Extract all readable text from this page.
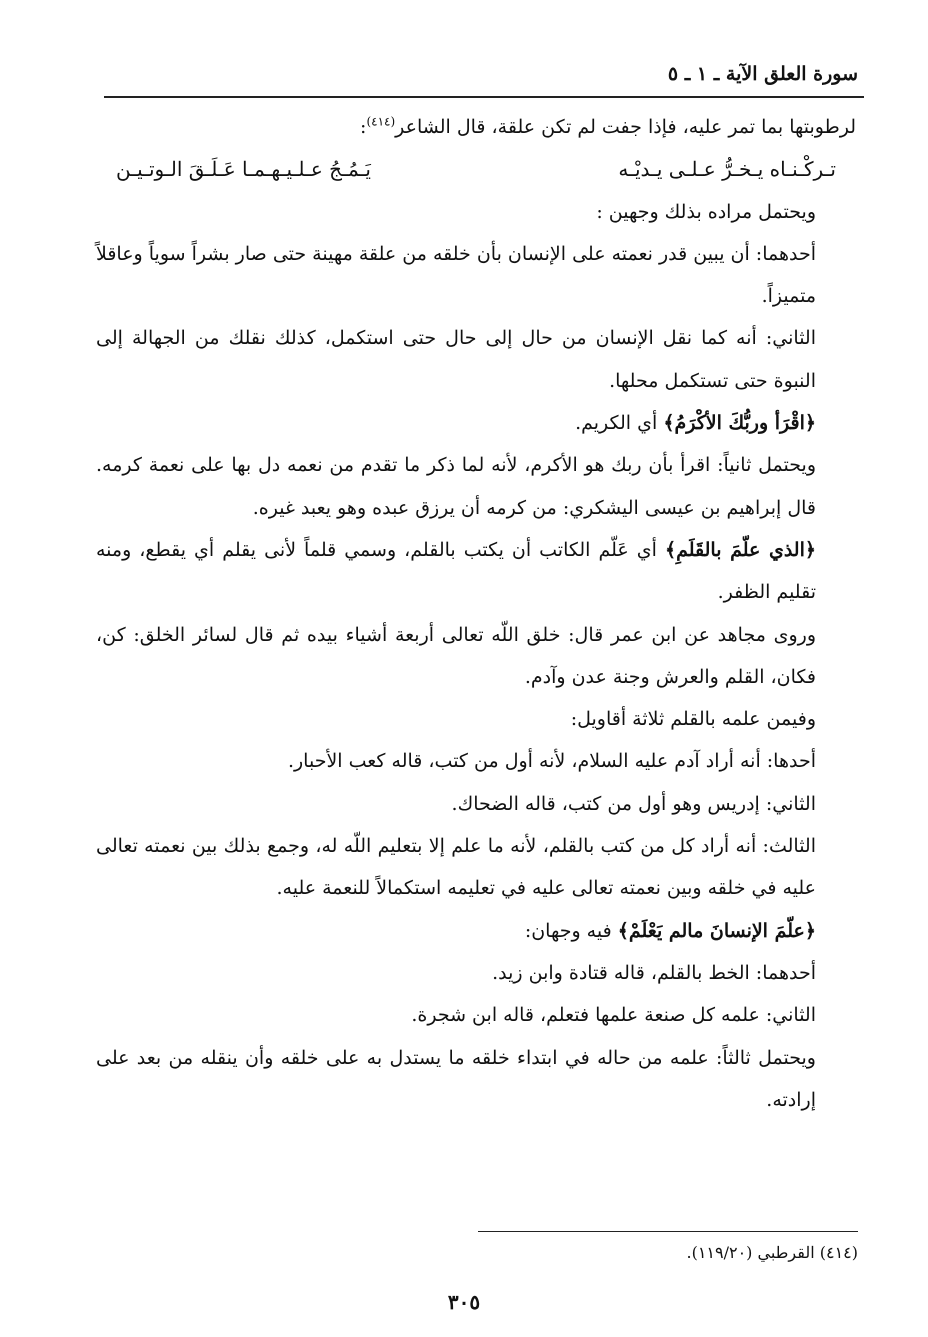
سورة العلق الآية ـ ١ ـ ٥

لرطوبتها بما تمر عليه، فإذا جفت لم تكن علقة، قال الشاعر$^{(٤١٤)}$:

تـركْـنـاه يـخـرُّ عـلـى يـديْـه
يَـمُـجُ عـلـيـهـمـا عَـلَـقَ الـوتـيـن

ويحتمل مراده بذلك وجهين :

أحدهما: أن يبين قدر نعمته على الإنسان بأن خلقه من علقة مهينة حتى صار بشراً سوياً وعاقلاً متميزاً.

الثاني: أنه كما نقل الإنسان من حال إلى حال حتى استكمل، كذلك نقلك من الجهالة إلى النبوة حتى تستكمل محلها.

﴿اقْرَأ وربُّكَ الأكْرَمُ﴾ أي الكريم.

ويحتمل ثانياً: اقرأ بأن ربك هو الأكرم، لأنه لما ذكر ما تقدم من نعمه دل بها على نعمة كرمه. قال إبراهيم بن عيسى اليشكري: من كرمه أن يرزق عبده وهو يعبد غيره.

﴿الذي علّمَ بالقَلَمِ﴾ أي عَلّم الكاتب أن يكتب بالقلم، وسمي قلماً لأنى يقلم أي يقطع، ومنه تقليم الظفر.

وروى مجاهد عن ابن عمر قال: خلق اللّه تعالى أربعة أشياء بيده ثم قال لسائر الخلق: كن، فكان، القلم والعرش وجنة عدن وآدم.

وفيمن علمه بالقلم ثلاثة أقاويل:

أحدها: أنه أراد آدم عليه السلام، لأنه أول من كتب، قاله كعب الأحبار.

الثاني: إدريس وهو أول من كتب، قاله الضحاك.

الثالث: أنه أراد كل من كتب بالقلم، لأنه ما علم إلا بتعليم اللّه له، وجمع بذلك بين نعمته تعالى عليه في خلقه وبين نعمته تعالى عليه في تعليمه استكمالاً للنعمة عليه.

﴿علّمَ الإنسانَ مالم يَعْلَمْ﴾ فيه وجهان:

أحدهما: الخط بالقلم، قاله قتادة وابن زيد.

الثاني: علمه كل صنعة علمها فتعلم، قاله ابن شجرة.

ويحتمل ثالثاً: علمه من حاله في ابتداء خلقه ما يستدل به على خلقه وأن ينقله من بعد على إرادته.

(٤١٤) القرطبي (١١٩/٢٠).
٣٠٥
